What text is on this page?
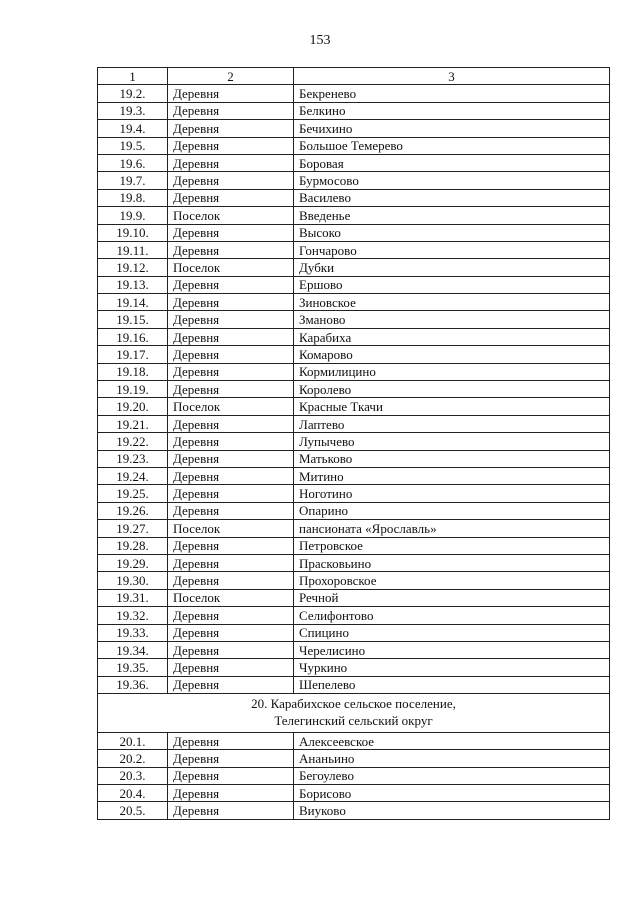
153
1	2	3
19.2.	Деревня	Бекренево
19.3.	Деревня	Белкино
19.4.	Деревня	Бечихино
19.5.	Деревня	Большое Темерево
19.6.	Деревня	Боровая
19.7.	Деревня	Бурмосово
19.8.	Деревня	Василево
19.9.	Поселок	Введенье
19.10.	Деревня	Высоко
19.11.	Деревня	Гончарово
19.12.	Поселок	Дубки
19.13.	Деревня	Ершово
19.14.	Деревня	Зиновское
19.15.	Деревня	Зманово
19.16.	Деревня	Карабиха
19.17.	Деревня	Комарово
19.18.	Деревня	Кормилицино
19.19.	Деревня	Королево
19.20.	Поселок	Красные Ткачи
19.21.	Деревня	Лаптево
19.22.	Деревня	Лупычево
19.23.	Деревня	Матьково
19.24.	Деревня	Митино
19.25.	Деревня	Ноготино
19.26.	Деревня	Опарино
19.27.	Поселок	пансионата «Ярославль»
19.28.	Деревня	Петровское
19.29.	Деревня	Прасковьино
19.30.	Деревня	Прохоровское
19.31.	Поселок	Речной
19.32.	Деревня	Селифонтово
19.33.	Деревня	Спицино
19.34.	Деревня	Черелисино
19.35.	Деревня	Чуркино
19.36.	Деревня	Шепелево

20. Карабихское сельское поселение,
Телегинский сельский округ		

20.1.	Деревня	Алексеевское
20.2.	Деревня	Ананьино
20.3.	Деревня	Бегоулево
20.4.	Деревня	Борисово
20.5.	Деревня	Виуково
